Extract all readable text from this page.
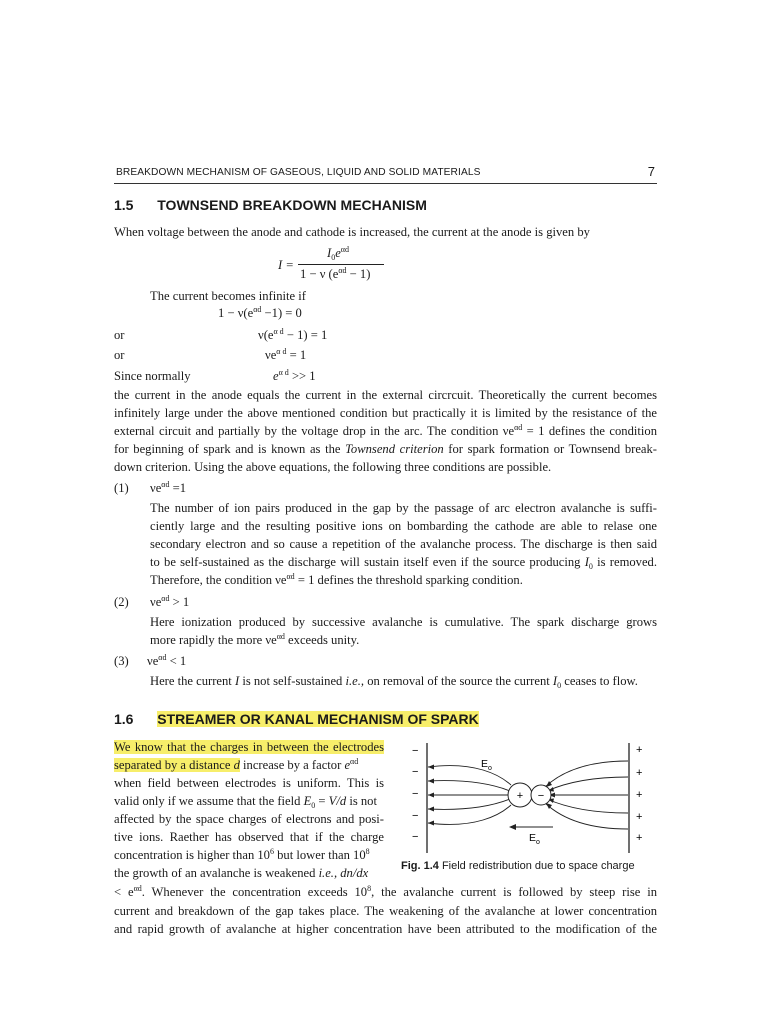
BREAKDOWN MECHANISM OF GASEOUS, LIQUID AND SOLID MATERIALS	7
1.5 TOWNSEND BREAKDOWN MECHANISM
When voltage between the anode and cathode is increased, the current at the anode is given by
I =
$I_0e^{\alpha d}$
1 − ν $(e^{\alpha d} - 1)$
The current becomes infinite if
$1 - \nu(e^{\alpha d} -1) = 0$
or	$\nu(e^{\alpha d} - 1) = 1$
or	$\nu e^{\alpha d} = 1$
Since normally	$e^{\alpha d} >> 1$
the current in the anode equals the current in the external circrcuit. Theoretically the current becomes
infinitely large under the above mentioned condition but practically it is limited by the resistance of the
external circuit and partially by the voltage drop in the arc. The condition $\nu e^{\alpha d} = 1$ defines the condition
for beginning of spark and is known as the Townsend criterion for spark formation or Townsend break-
down criterion. Using the above equations, the following three conditions are possible.
(1) $\nu e^{\alpha d} =1$
The number of ion pairs produced in the gap by the passage of arc electron avalanche is suffi-
ciently large and the resulting positive ions on bombarding the cathode are able to relase one
secondary electron and so cause a repetition of the avalanche process. The discharge is then said
to be self-sustained as the discharge will sustain itself even if the source producing $I_0$ is removed.
Therefore, the condition $\nu e^{\alpha d} = 1$ defines the threshold sparking condition.
(2) $\nu e^{\alpha d} > 1$
Here ionization produced by successive avalanche is cumulative. The spark discharge grows
more rapidly the more $\nu e^{\alpha d}$ exceeds unity.
(3) $\nu e^{\alpha d} < 1$
Here the current I is not self-sustained i.e., on removal of the source the current $I_0$ ceases to flow.
1.6 STREAMER OR KANAL MECHANISM OF SPARK
We know that the charges in between the electrodes
separated by a distance d increase by a factor $e^{\alpha d}$
when field between electrodes is uniform. This is
valid only if we assume that the field $E_0 = V/d$ is not
affected by the space charges of electrons and posi-
tive ions. Raether has observed that if the charge
concentration is higher than $10^6$ but lower than $10^8$
the growth of an avalanche is weakened i.e., dn/dx
+ −
$E_o$
$E_o$
−
−
−
−
−
+
+
+
+
+
Fig. 1.4 Field redistribution due to space charge
< $e^{\alpha d}$. Whenever the concentration exceeds $10^8$, the avalanche current is followed by steep rise in
current and breakdown of the gap takes place. The weakening of the avalanche at lower concentration
and rapid growth of avalanche at higher concentration have been attributed to the modification of the
